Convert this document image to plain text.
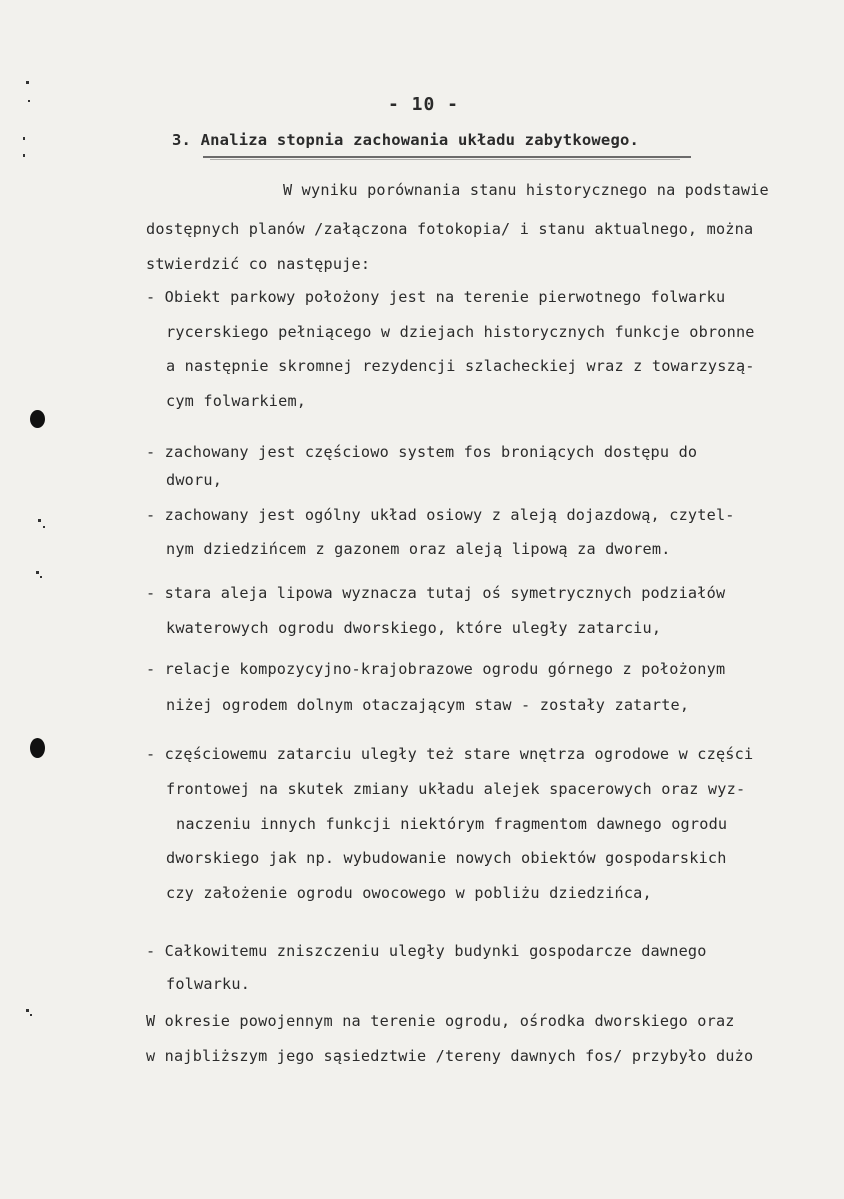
- 10 -
3. Analiza stopnia zachowania układu zabytkowego.
W wyniku porównania stanu historycznego na podstawie
dostępnych planów /załączona fotokopia/ i stanu aktualnego, można
stwierdzić co następuje:
- Obiekt parkowy położony jest na terenie pierwotnego folwarku
rycerskiego pełniącego w dziejach historycznych funkcje obronne
a następnie skromnej rezydencji szlacheckiej wraz z towarzyszą-
cym folwarkiem,
- zachowany jest częściowo system fos broniących dostępu do
dworu,
- zachowany jest ogólny układ osiowy z aleją dojazdową, czytel-
nym dziedzińcem z gazonem oraz aleją lipową za dworem.
- stara aleja lipowa wyznacza tutaj oś symetrycznych podziałów
kwaterowych ogrodu dworskiego, które uległy zatarciu,
- relacje kompozycyjno-krajobrazowe ogrodu górnego z położonym
niżej ogrodem dolnym otaczającym staw - zostały zatarte,
- częściowemu zatarciu uległy też stare wnętrza ogrodowe w części
frontowej na skutek zmiany układu alejek spacerowych oraz wyz-
naczeniu innych funkcji niektórym fragmentom dawnego ogrodu
dworskiego jak np. wybudowanie nowych obiektów gospodarskich
czy założenie ogrodu owocowego w pobliżu dziedzińca,
- Całkowitemu zniszczeniu uległy budynki gospodarcze dawnego
folwarku.
W okresie powojennym na terenie ogrodu, ośrodka dworskiego oraz
w najbliższym jego sąsiedztwie /tereny dawnych fos/ przybyło dużo
